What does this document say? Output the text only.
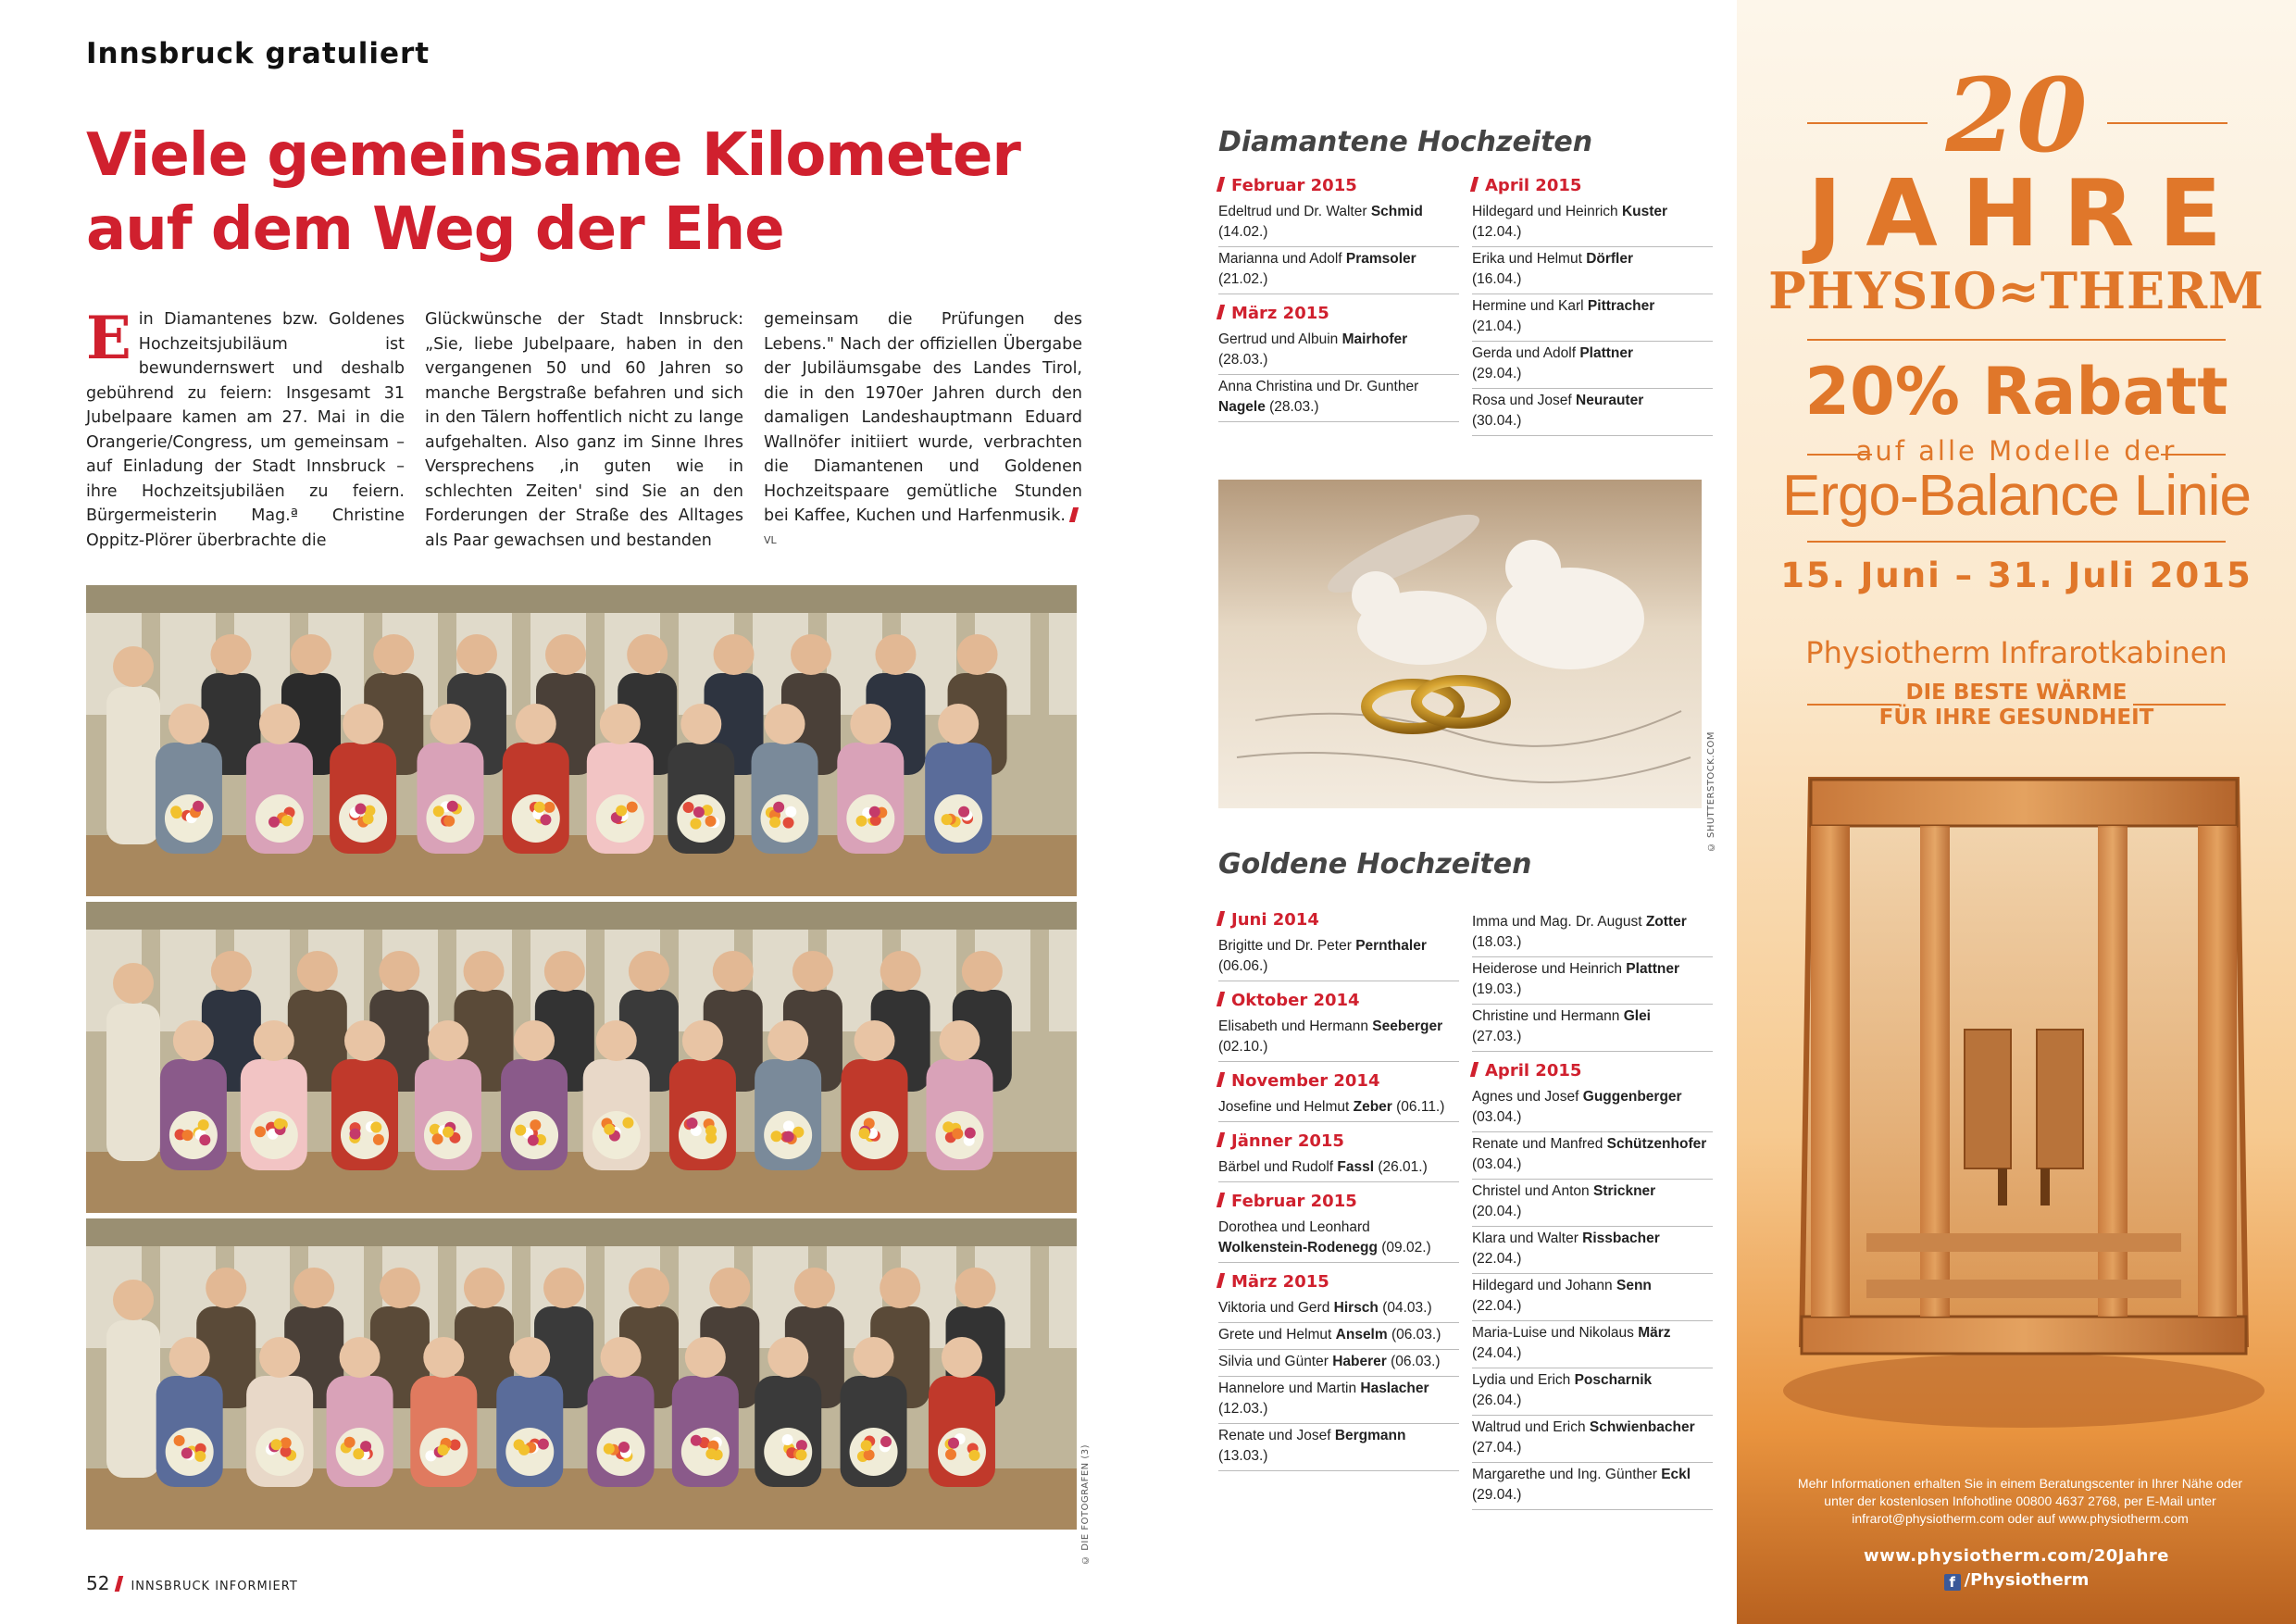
Innsbruck gratuliert
Viele gemeinsame Kilometer
auf dem Weg der Ehe
Ein Diamantenes bzw. Goldenes Hochzeitsjubiläum ist bewundernswert und deshalb gebührend zu feiern: Insgesamt 31 Jubelpaare kamen am 27. Mai in die Orangerie/Congress, um gemeinsam – auf Einladung der Stadt Innsbruck – ihre Hochzeitsjubiläen zu feiern. Bürgermeisterin Mag.ª Christine Oppitz-Plörer überbrachte die
Glückwünsche der Stadt Innsbruck: „Sie, liebe Jubelpaare, haben in den vergangenen 50 und 60 Jahren so manche Bergstraße befahren und sich in den Tälern hoffentlich nicht zu lange aufgehalten. Also ganz im Sinne Ihres Versprechens ‚in guten wie in schlechten Zeiten' sind Sie an den Forderungen der Straße des Alltages als Paar gewachsen und bestanden
gemeinsam die Prüfungen des Lebens." Nach der offiziellen Übergabe der Jubiläumsgabe des Landes Tirol, die in den 1970er Jahren durch den damaligen Landeshauptmann Eduard Wallnöfer initiiert wurde, verbrachten die Diamantenen und Goldenen Hochzeitspaare gemütliche Stunden bei Kaffee, Kuchen und Harfenmusik.$^{VL}$
© DIE FOTOGRAFEN (3)
52 INNSBRUCK INFORMIERT
Diamantene Hochzeiten
Februar 2015
Edeltrud und Dr. Walter Schmid
(14.02.)
Marianna und Adolf Pramsoler
(21.02.)
März 2015
Gertrud und Albuin Mairhofer
(28.03.)
Anna Christina und Dr. Gunther Nagele (28.03.)
April 2015
Hildegard und Heinrich Kuster
(12.04.)
Erika und Helmut Dörfler
(16.04.)
Hermine und Karl Pittracher
(21.04.)
Gerda und Adolf Plattner
(29.04.)
Rosa und Josef Neurauter
(30.04.)
© SHUTTERSTOCK.COM
Goldene Hochzeiten
Juni 2014
Brigitte und Dr. Peter Pernthaler
(06.06.)
Oktober 2014
Elisabeth und Hermann Seeberger (02.10.)
November 2014
Josefine und Helmut Zeber (06.11.)
Jänner 2015
Bärbel und Rudolf Fassl (26.01.)
Februar 2015
Dorothea und Leonhard Wolkenstein-Rodenegg (09.02.)
März 2015
Viktoria und Gerd Hirsch (04.03.)
Grete und Helmut Anselm (06.03.)
Silvia und Günter Haberer (06.03.)
Hannelore und Martin Haslacher
(12.03.)
Renate und Josef Bergmann (13.03.)
Imma und Mag. Dr. August Zotter
(18.03.)
Heiderose und Heinrich Plattner
(19.03.)
Christine und Hermann Glei
(27.03.)
April 2015
Agnes und Josef Guggenberger
(03.04.)
Renate und Manfred Schützenhofer (03.04.)
Christel und Anton Strickner
(20.04.)
Klara und Walter Rissbacher
(22.04.)
Hildegard und Johann Senn
(22.04.)
Maria-Luise und Nikolaus März
(24.04.)
Lydia und Erich Poscharnik
(26.04.)
Waltrud und Erich Schwienbacher (27.04.)
Margarethe und Ing. Günther Eckl
(29.04.)
20
JAHRE
PHYSIO≈THERM
20% Rabatt
auf alle Modelle der
Ergo-Balance Linie
15. Juni – 31. Juli 2015
Physiotherm Infrarotkabinen
DIE BESTE WÄRME
FÜR IHRE GESUNDHEIT
Mehr Informationen erhalten Sie in einem Beratungscenter in Ihrer Nähe oder unter der kostenlosen Infohotline 00800 4637 2768, per E-Mail unter infrarot@physiotherm.com oder auf www.physiotherm.com
www.physiotherm.com/20Jahre
f /Physiotherm
